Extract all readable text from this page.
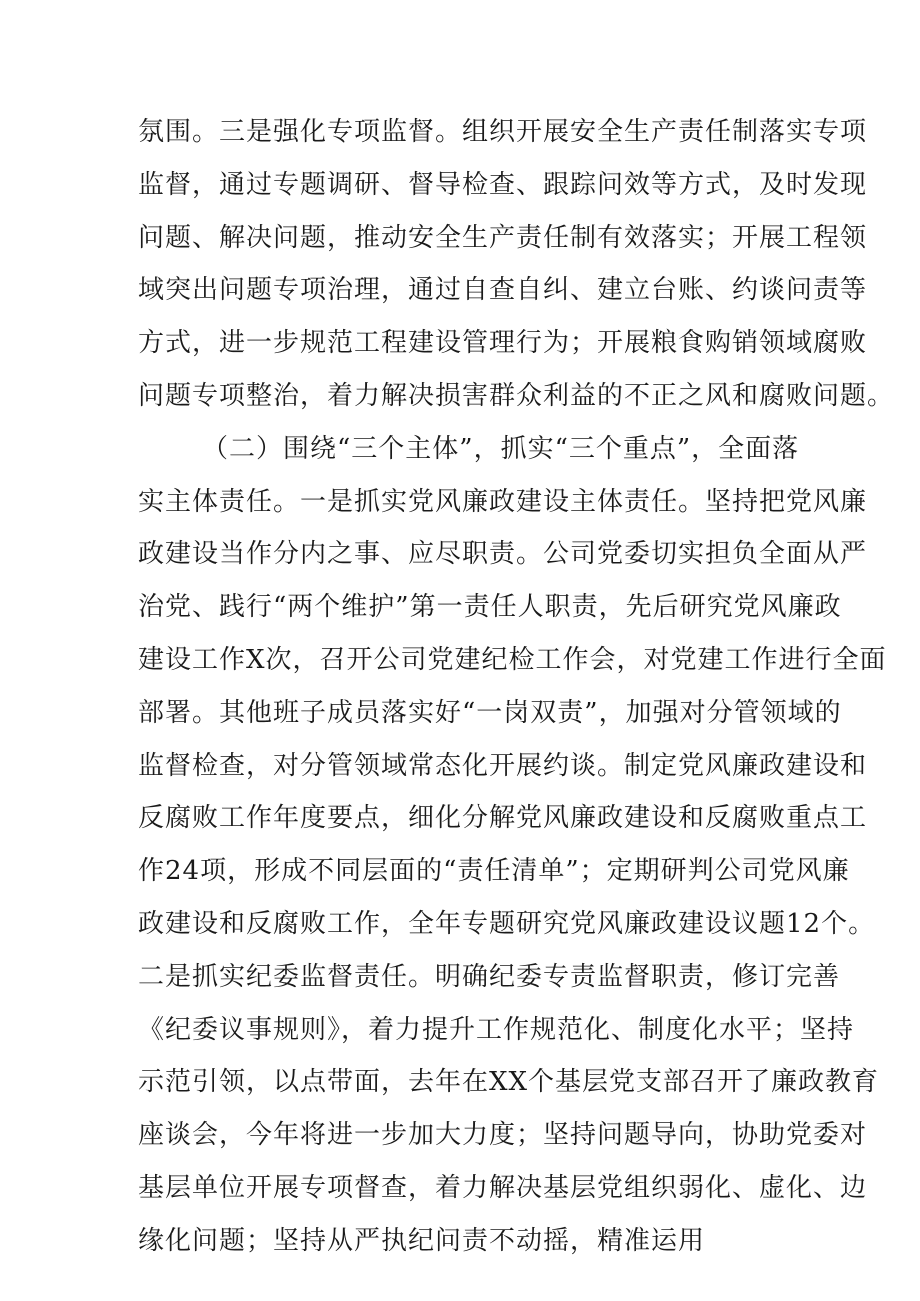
氛围。三是强化专项监督。组织开展安全生产责任制落实专项
监督，通过专题调研、督导检查、跟踪问效等方式，及时发现
问题、解决问题，推动安全生产责任制有效落实；开展工程领
域突出问题专项治理，通过自查自纠、建立台账、约谈问责等
方式，进一步规范工程建设管理行为；开展粮食购销领域腐败
问题专项整治，着力解决损害群众利益的不正之风和腐败问题。
（二）围绕“三个主体”，抓实“三个重点”，全面落
实主体责任。一是抓实党风廉政建设主体责任。坚持把党风廉
政建设当作分内之事、应尽职责。公司党委切实担负全面从严
治党、践行“两个维护”第一责任人职责，先后研究党风廉政
建设工作X次，召开公司党建纪检工作会，对党建工作进行全面
部署。其他班子成员落实好“一岗双责”，加强对分管领域的
监督检查，对分管领域常态化开展约谈。制定党风廉政建设和
反腐败工作年度要点，细化分解党风廉政建设和反腐败重点工
作24项，形成不同层面的“责任清单”；定期研判公司党风廉
政建设和反腐败工作，全年专题研究党风廉政建设议题12个。
二是抓实纪委监督责任。明确纪委专责监督职责，修订完善
《纪委议事规则》，着力提升工作规范化、制度化水平；坚持
示范引领，以点带面，去年在XX个基层党支部召开了廉政教育
座谈会，今年将进一步加大力度；坚持问题导向，协助党委对
基层单位开展专项督查，着力解决基层党组织弱化、虚化、边
缘化问题；坚持从严执纪问责不动摇，精准运用
